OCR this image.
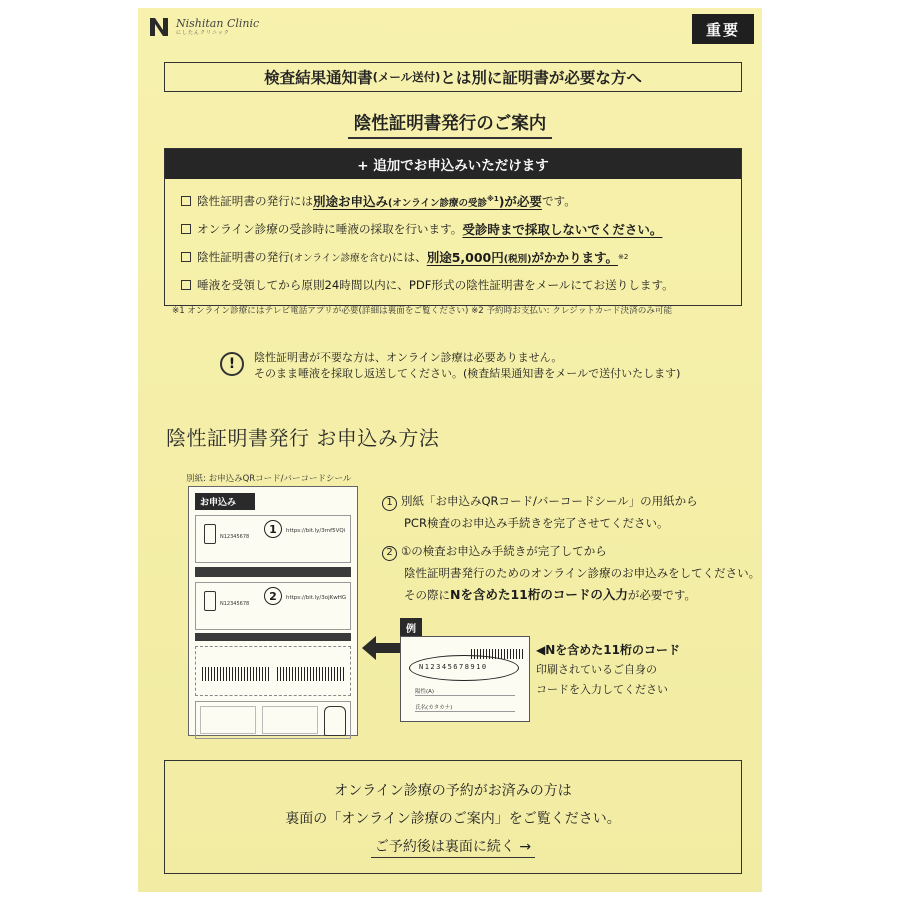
Nishitan Clinic
にしたんクリニック	重要
検査結果通知書 (メール送付) とは別に証明書が必要な方へ
陰性証明書発行のご案内
+ 追加でお申込みいただけます
陰性証明書の発行には 別途お申込み(オンライン診療の受診$^{※1}$)が必要 です。
オンライン診療の受診時に唾液の採取を行います。 受診時まで採取しないでください。
陰性証明書の発行 (オンライン診療を含む) には、 別途5,000円(税別)がかかります。 ※2
唾液を受領してから原則24時間以内に、PDF形式の陰性証明書をメールにてお送りします。
※1 オンライン診療にはテレビ電話アプリが必要(詳細は裏面をご覧ください) ※2 予約時お支払い: クレジットカード決済のみ可能
!	陰性証明書が不要な方は、オンライン診療は必要ありません。
そのまま唾液を採取し返送してください。(検査結果通知書をメールで送付いたします)
陰性証明書発行 お申込み方法
別紙: お申込みQRコード/バーコードシール
お申込み
N12345678
1	https://bit.ly/3mf5VQi
N12345678
2	https://bit.ly/3ojKwHG
1 別紙「お申込みQRコード/バーコードシール」の用紙から
PCR検査のお申込み手続きを完了させてください。
2 ①の検査お申込み手続きが完了してから
陰性証明書発行のためのオンライン診療のお申込みをしてください。
その際にNを含めた11桁のコードの入力が必要です。
例
N12345678910
陽性(A)
氏名(カタカナ)
◀Nを含めた11桁のコード
印刷されているご自身の
コードを入力してください
オンライン診療の予約がお済みの方は
裏面の「オンライン診療のご案内」をご覧ください。
ご予約後は裏面に続く →
